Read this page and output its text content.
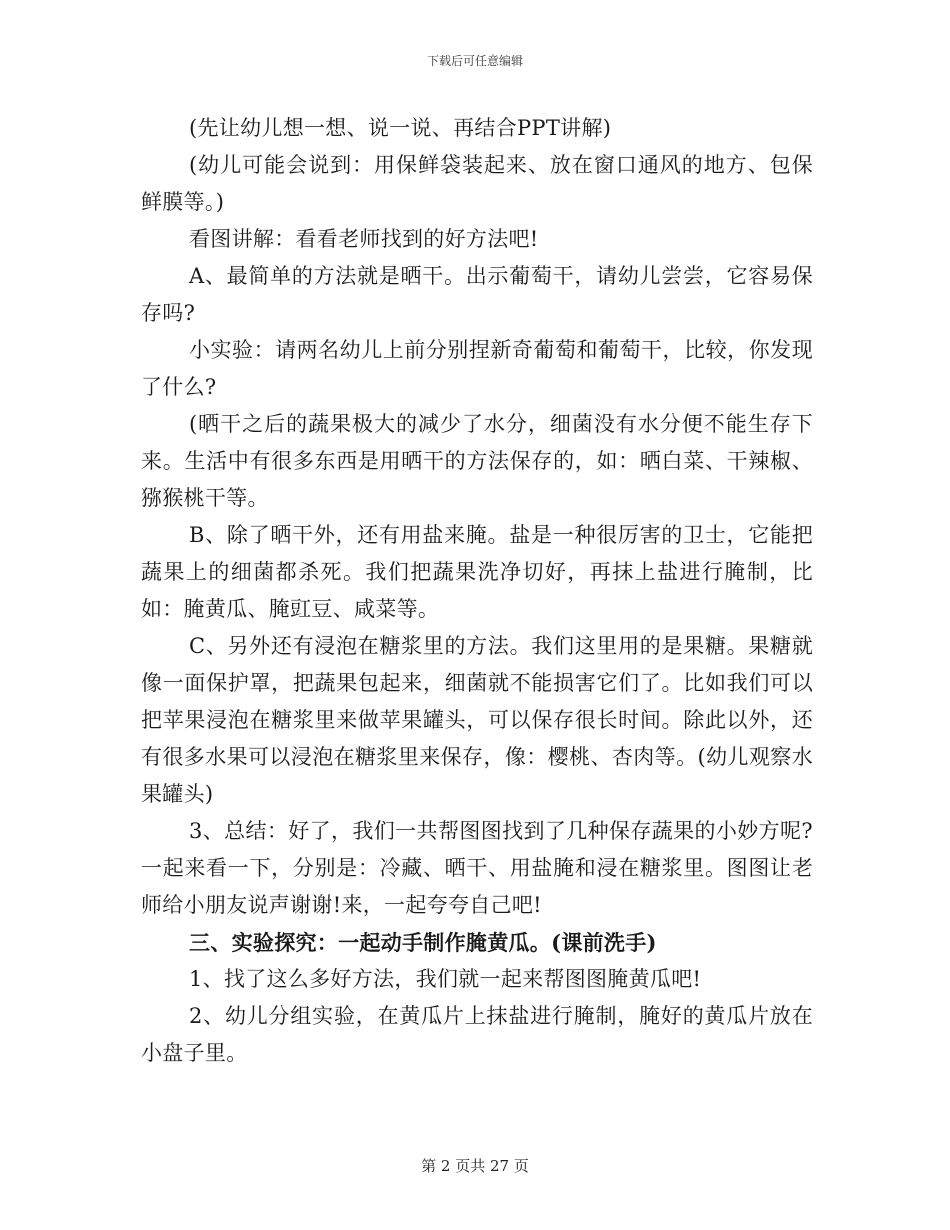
下载后可任意编辑

(先让幼儿想一想、说一说、再结合PPT讲解)

(幼儿可能会说到：用保鲜袋装起来、放在窗口通风的地方、包保鲜膜等。)

看图讲解：看看老师找到的好方法吧!

A、最简单的方法就是晒干。出示葡萄干，请幼儿尝尝，它容易保存吗?

小实验：请两名幼儿上前分别捏新奇葡萄和葡萄干，比较，你发现了什么?

(晒干之后的蔬果极大的减少了水分，细菌没有水分便不能生存下来。生活中有很多东西是用晒干的方法保存的，如：晒白菜、干辣椒、猕猴桃干等。

B、除了晒干外，还有用盐来腌。盐是一种很厉害的卫士，它能把蔬果上的细菌都杀死。我们把蔬果洗净切好，再抹上盐进行腌制，比如：腌黄瓜、腌豇豆、咸菜等。

C、另外还有浸泡在糖浆里的方法。我们这里用的是果糖。果糖就像一面保护罩，把蔬果包起来，细菌就不能损害它们了。比如我们可以把苹果浸泡在糖浆里来做苹果罐头，可以保存很长时间。除此以外，还有很多水果可以浸泡在糖浆里来保存，像：樱桃、杏肉等。(幼儿观察水果罐头)

3、总结：好了，我们一共帮图图找到了几种保存蔬果的小妙方呢?一起来看一下，分别是：冷藏、晒干、用盐腌和浸在糖浆里。图图让老师给小朋友说声谢谢!来，一起夸夸自己吧!

三、实验探究：一起动手制作腌黄瓜。(课前洗手)

1、找了这么多好方法，我们就一起来帮图图腌黄瓜吧!

2、幼儿分组实验，在黄瓜片上抹盐进行腌制，腌好的黄瓜片放在小盘子里。

第 2 页共 27 页
